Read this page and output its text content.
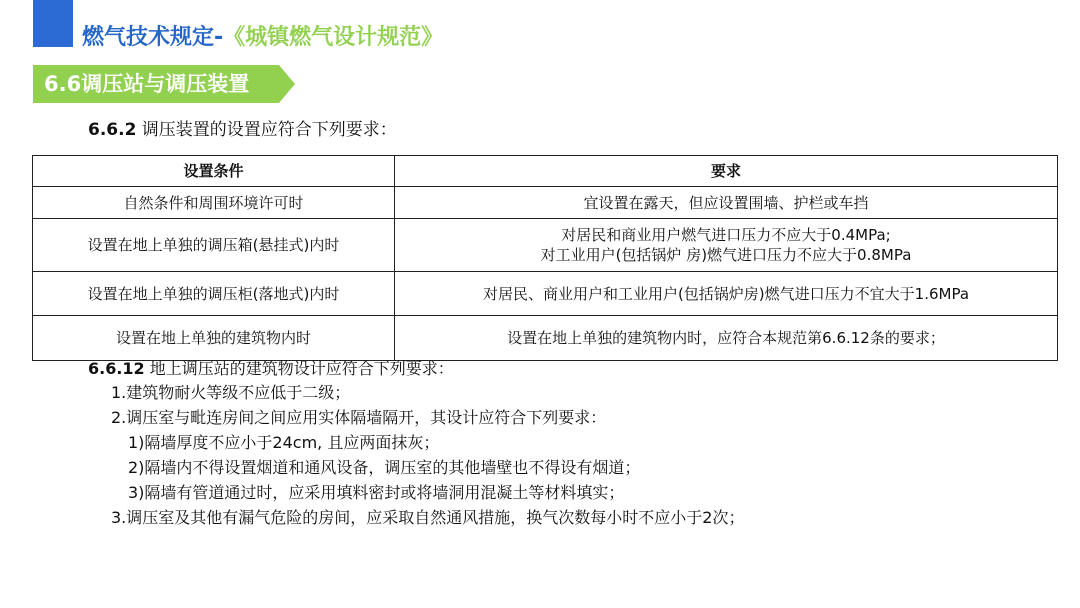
燃气技术规定-《城镇燃气设计规范》
6.6调压站与调压装置
6.6.2 调压装置的设置应符合下列要求：
设置条件	要求
自然条件和周围环境许可时	宜设置在露天，但应设置围墙、护栏或车挡
设置在地上单独的调压箱(悬挂式)内时	对居民和商业用户燃气进口压力不应大于0.4MPa;
对工业用户(包括锅炉 房)燃气进口压力不应大于0.8MPa

设置在地上单独的调压柜(落地式)内时	对居民、商业用户和工业用户(包括锅炉房)燃气进口压力不宜大于1.6MPa
设置在地上单独的建筑物内时	设置在地上单独的建筑物内时，应符合本规范第6.6.12条的要求；
6.6.12 地上调压站的建筑物设计应符合下列要求：
1.建筑物耐火等级不应低于二级；
2.调压室与毗连房间之间应用实体隔墙隔开，其设计应符合下列要求：
1)隔墙厚度不应小于24cm, 且应两面抹灰；
2)隔墙内不得设置烟道和通风设备，调压室的其他墙壁也不得设有烟道；
3)隔墙有管道通过时，应采用填料密封或将墙洞用混凝土等材料填实；
3.调压室及其他有漏气危险的房间，应采取自然通风措施，换气次数每小时不应小于2次；
